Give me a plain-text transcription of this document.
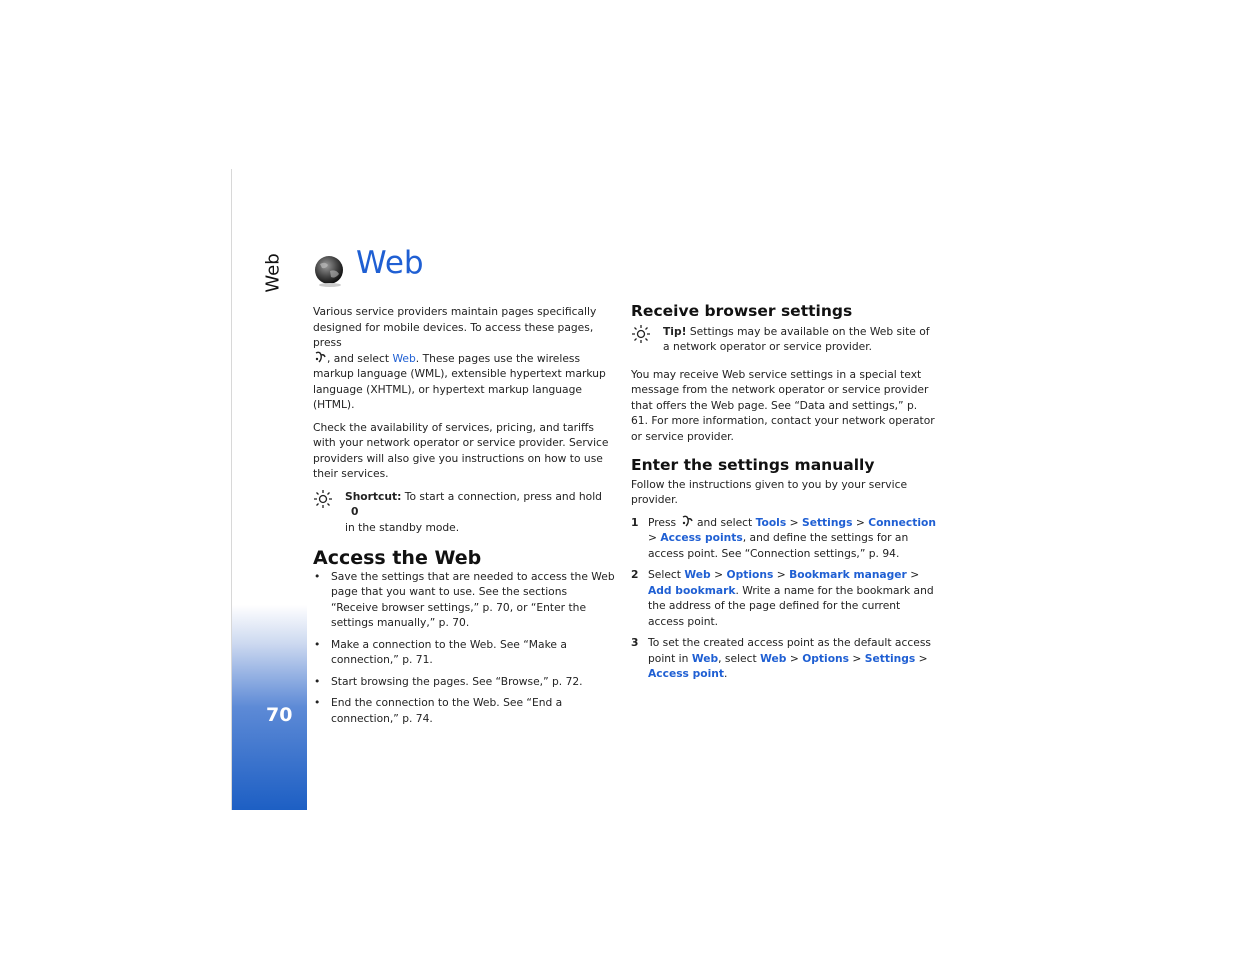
Web
70
Web

Various service providers maintain pages specifically designed for mobile devices. To access these pages, press
, and select Web. These pages use the wireless markup language (WML), extensible hypertext markup language (XHTML), or hypertext markup language (HTML).

Check the availability of services, pricing, and tariffs with your network operator or service provider. Service providers will also give you instructions on how to use their services.

Shortcut: To start a connection, press and hold 0
in the standby mode.
Access the Web
• Save the settings that are needed to access the Web page that you want to use. See the sections “Receive browser settings,” p. 70, or “Enter the settings manually,” p. 70.
• Make a connection to the Web. See “Make a connection,” p. 71.
• Start browsing the pages. See “Browse,” p. 72.
• End the connection to the Web. See “End a connection,” p. 74.
Receive browser settings
Tip! Settings may be available on the Web site of a network operator or service provider.

You may receive Web service settings in a special text message from the network operator or service provider that offers the Web page. See “Data and settings,” p. 61. For more information, contact your network operator or service provider.

Enter the settings manually

Follow the instructions given to you by your service provider.

1 Press and select Tools > Settings > Connection > Access points, and define the settings for an access point. See “Connection settings,” p. 94.
2 Select Web > Options > Bookmark manager > Add bookmark. Write a name for the bookmark and the address of the page defined for the current access point.
3 To set the created access point as the default access point in Web, select Web > Options > Settings > Access point.
